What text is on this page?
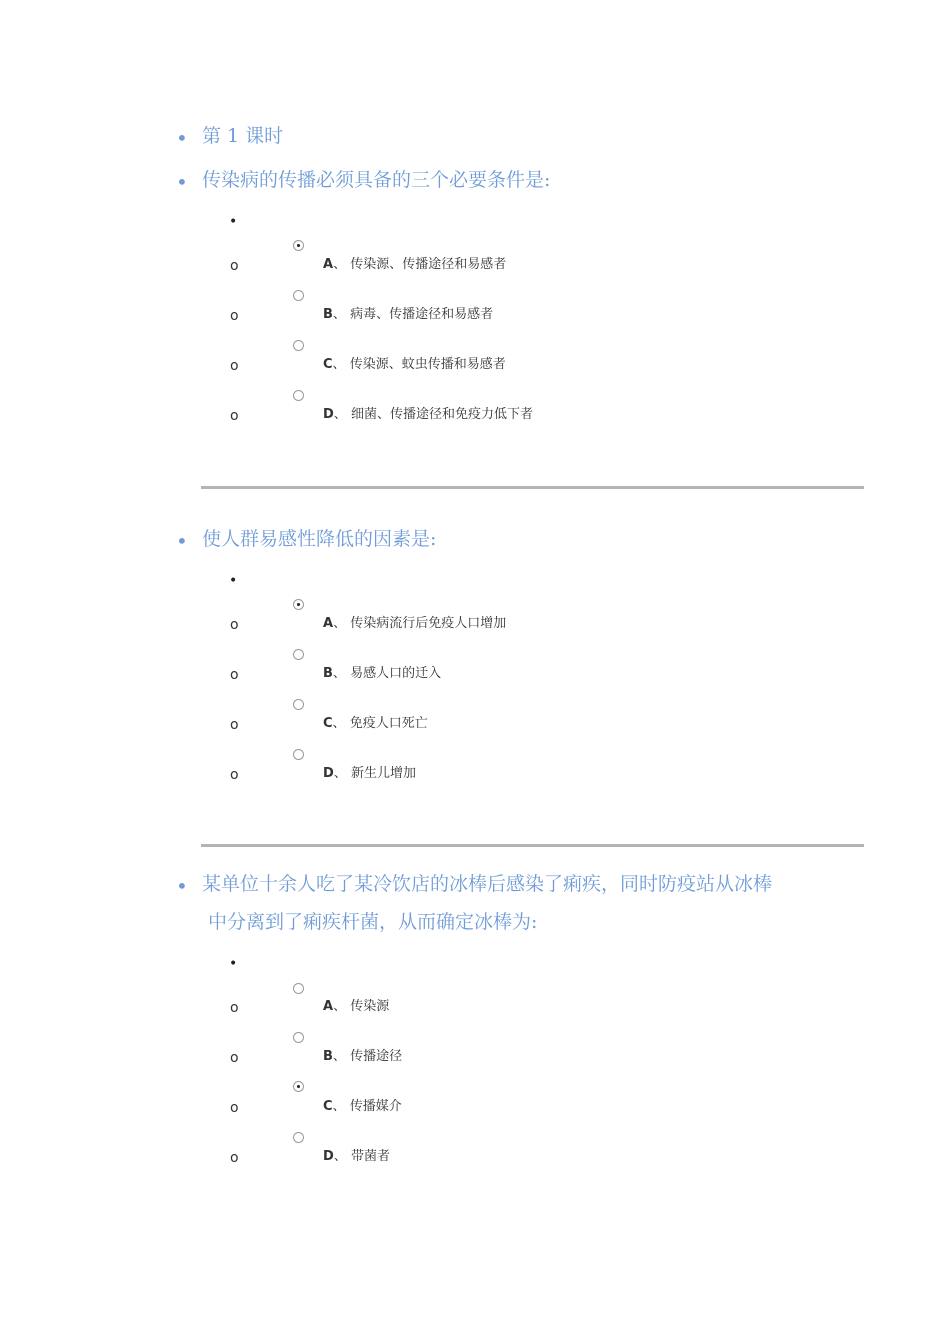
• 第 1 课时
• 传染病的传播必须具备的三个必要条件是:
•
o	A、 传染源、传播途径和易感者
o	B、 病毒、传播途径和易感者
o	C、 传染源、蚊虫传播和易感者
o	D、 细菌、传播途径和免疫力低下者
• 使人群易感性降低的因素是:
•
o	A、 传染病流行后免疫人口增加
o	B、 易感人口的迁入
o	C、 免疫人口死亡
o	D、 新生儿增加
• 某单位十余人吃了某冷饮店的冰棒后感染了痢疾，同时防疫站从冰棒
中分离到了痢疾杆菌，从而确定冰棒为:
•
o	A、 传染源
o	B、 传播途径
o	C、 传播媒介
o	D、 带菌者
